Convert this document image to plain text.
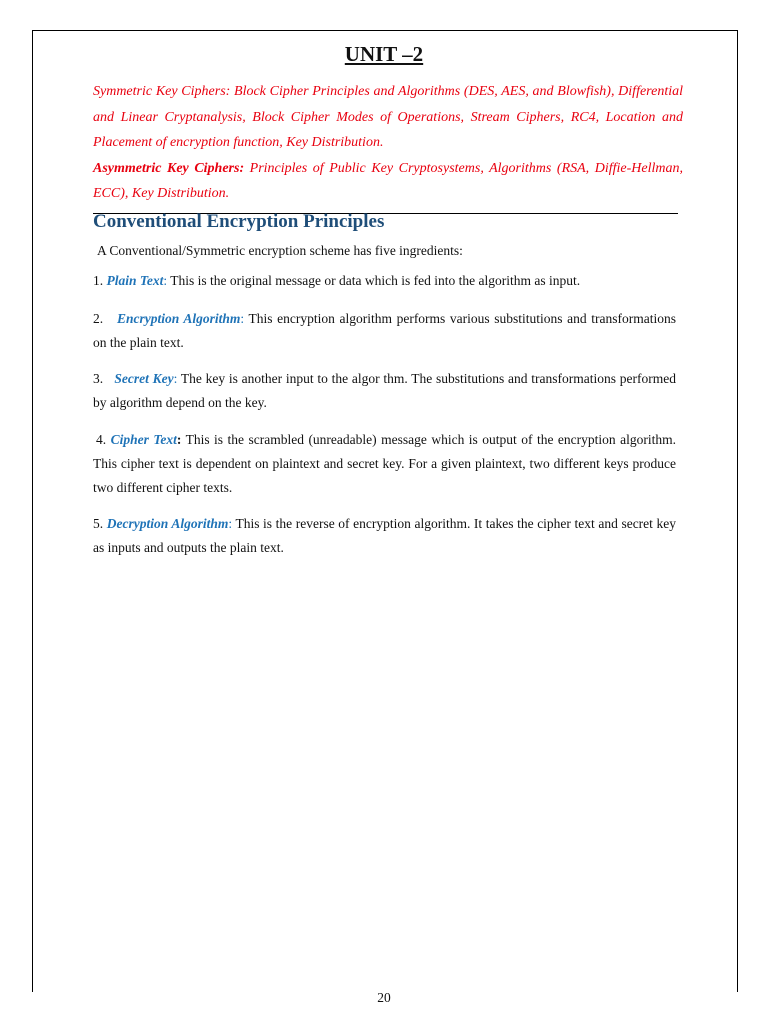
UNIT –2

Symmetric Key Ciphers: Block Cipher Principles and Algorithms (DES, AES, and Blowfish), Differential and Linear Cryptanalysis, Block Cipher Modes of Operations, Stream Ciphers, RC4, Location and Placement of encryption function, Key Distribution.

Asymmetric Key Ciphers: Principles of Public Key Cryptosystems, Algorithms (RSA, Diffie-Hellman, ECC), Key Distribution.

Conventional Encryption Principles

A Conventional/Symmetric encryption scheme has five ingredients:

1. Plain Text: This is the original message or data which is fed into the algorithm as input.

2.   Encryption Algorithm: This encryption algorithm performs various substitutions and transformations on the plain text.

3.   Secret Key: The key is another input to the algor thm. The substitutions and transformations performed by algorithm depend on the key.

4. Cipher Text: This is the scrambled (unreadable) message which is output of the encryption algorithm. This cipher text is dependent on plaintext and secret key. For a given plaintext, two different keys produce two different cipher texts.

5. Decryption Algorithm: This is the reverse of encryption algorithm. It takes the cipher text and secret key as inputs and outputs the plain text.

20
